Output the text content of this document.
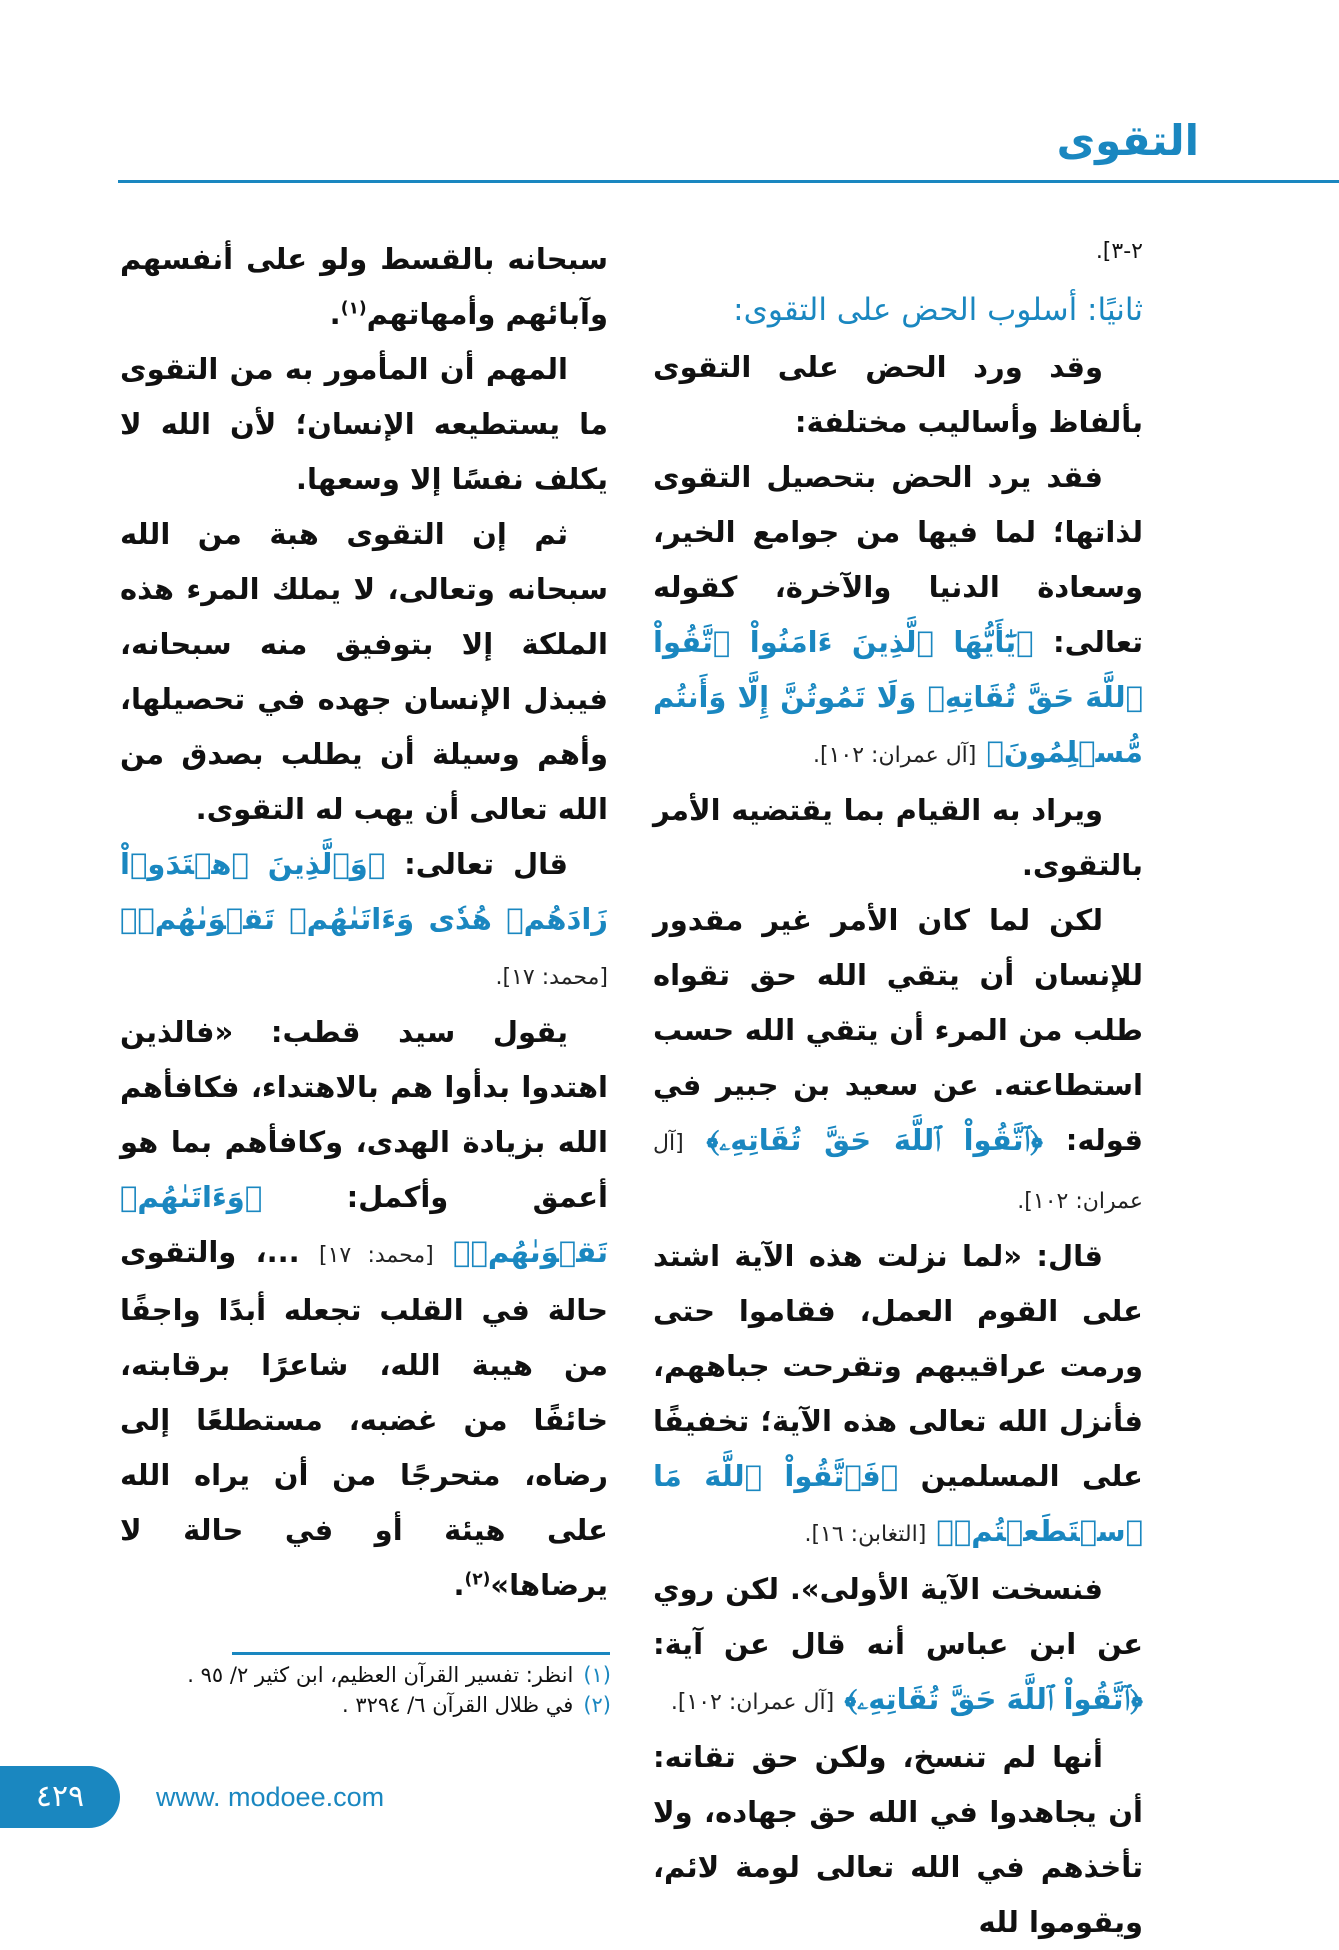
التقوى

٢-٣].

ثانيًا: أسلوب الحض على التقوى:

وقد ورد الحض على التقوى بألفاظ وأساليب مختلفة:

فقد يرد الحض بتحصيل التقوى لذاتها؛ لما فيها من جوامع الخير، وسعادة الدنيا والآخرة، كقوله تعالى: ﴿يَٰٓأَيُّهَا ٱلَّذِينَ ءَامَنُواْ ٱتَّقُواْ ٱللَّهَ حَقَّ تُقَاتِهِۦ وَلَا تَمُوتُنَّ إِلَّا وَأَنتُم مُّسۡلِمُونَ﴾ [آل عمران: ١٠٢].

ويراد به القيام بما يقتضيه الأمر بالتقوى.

لكن لما كان الأمر غير مقدور للإنسان أن يتقي الله حق تقواه طلب من المرء أن يتقي الله حسب استطاعته. عن سعيد بن جبير في قوله: ﴿ٱتَّقُواْ ٱللَّهَ حَقَّ تُقَاتِهِۦ﴾ [آل عمران: ١٠٢].

قال: «لما نزلت هذه الآية اشتد على القوم العمل، فقاموا حتى ورمت عراقيبهم وتقرحت جباههم، فأنزل الله تعالى هذه الآية؛ تخفيفًا على المسلمين ﴿فَٱتَّقُواْ ٱللَّهَ مَا ٱسۡتَطَعۡتُمۡ﴾ [التغابن: ١٦].

فنسخت الآية الأولى». لكن روي عن ابن عباس أنه قال عن آية: ﴿ٱتَّقُواْ ٱللَّهَ حَقَّ تُقَاتِهِۦ﴾ [آل عمران: ١٠٢].

أنها لم تنسخ، ولكن حق تقاته: أن يجاهدوا في الله حق جهاده، ولا تأخذهم في الله تعالى لومة لائم، ويقوموا لله

سبحانه بالقسط ولو على أنفسهم وآبائهم وأمهاتهم$^{(١)}$.

المهم أن المأمور به من التقوى ما يستطيعه الإنسان؛ لأن الله لا يكلف نفسًا إلا وسعها.

ثم إن التقوى هبة من الله سبحانه وتعالى، لا يملك المرء هذه الملكة إلا بتوفيق منه سبحانه، فيبذل الإنسان جهده في تحصيلها، وأهم وسيلة أن يطلب بصدق من الله تعالى أن يهب له التقوى.

قال تعالى: ﴿وَٱلَّذِينَ ٱهۡتَدَوۡاْ زَادَهُمۡ هُدٗى وَءَاتَىٰهُمۡ تَقۡوَىٰهُمۡ﴾ [محمد: ١٧].

يقول سيد قطب: «فالذين اهتدوا بدأوا هم بالاهتداء، فكافأهم الله بزيادة الهدى، وكافأهم بما هو أعمق وأكمل: ﴿وَءَاتَىٰهُمۡ تَقۡوَىٰهُمۡ﴾ [محمد: ١٧] ...، والتقوى حالة في القلب تجعله أبدًا واجفًا من هيبة الله، شاعرًا برقابته، خائفًا من غضبه، مستطلعًا إلى رضاه، متحرجًا من أن يراه الله على هيئة أو في حالة لا يرضاها»$^{(٢)}$.

(١)انظر: تفسير القرآن العظيم، ابن كثير ٢/ ٩٥ .
(٢)في ظلال القرآن ٦/ ٣٢٩٤ .
٤٢٩	www. modoee.com
